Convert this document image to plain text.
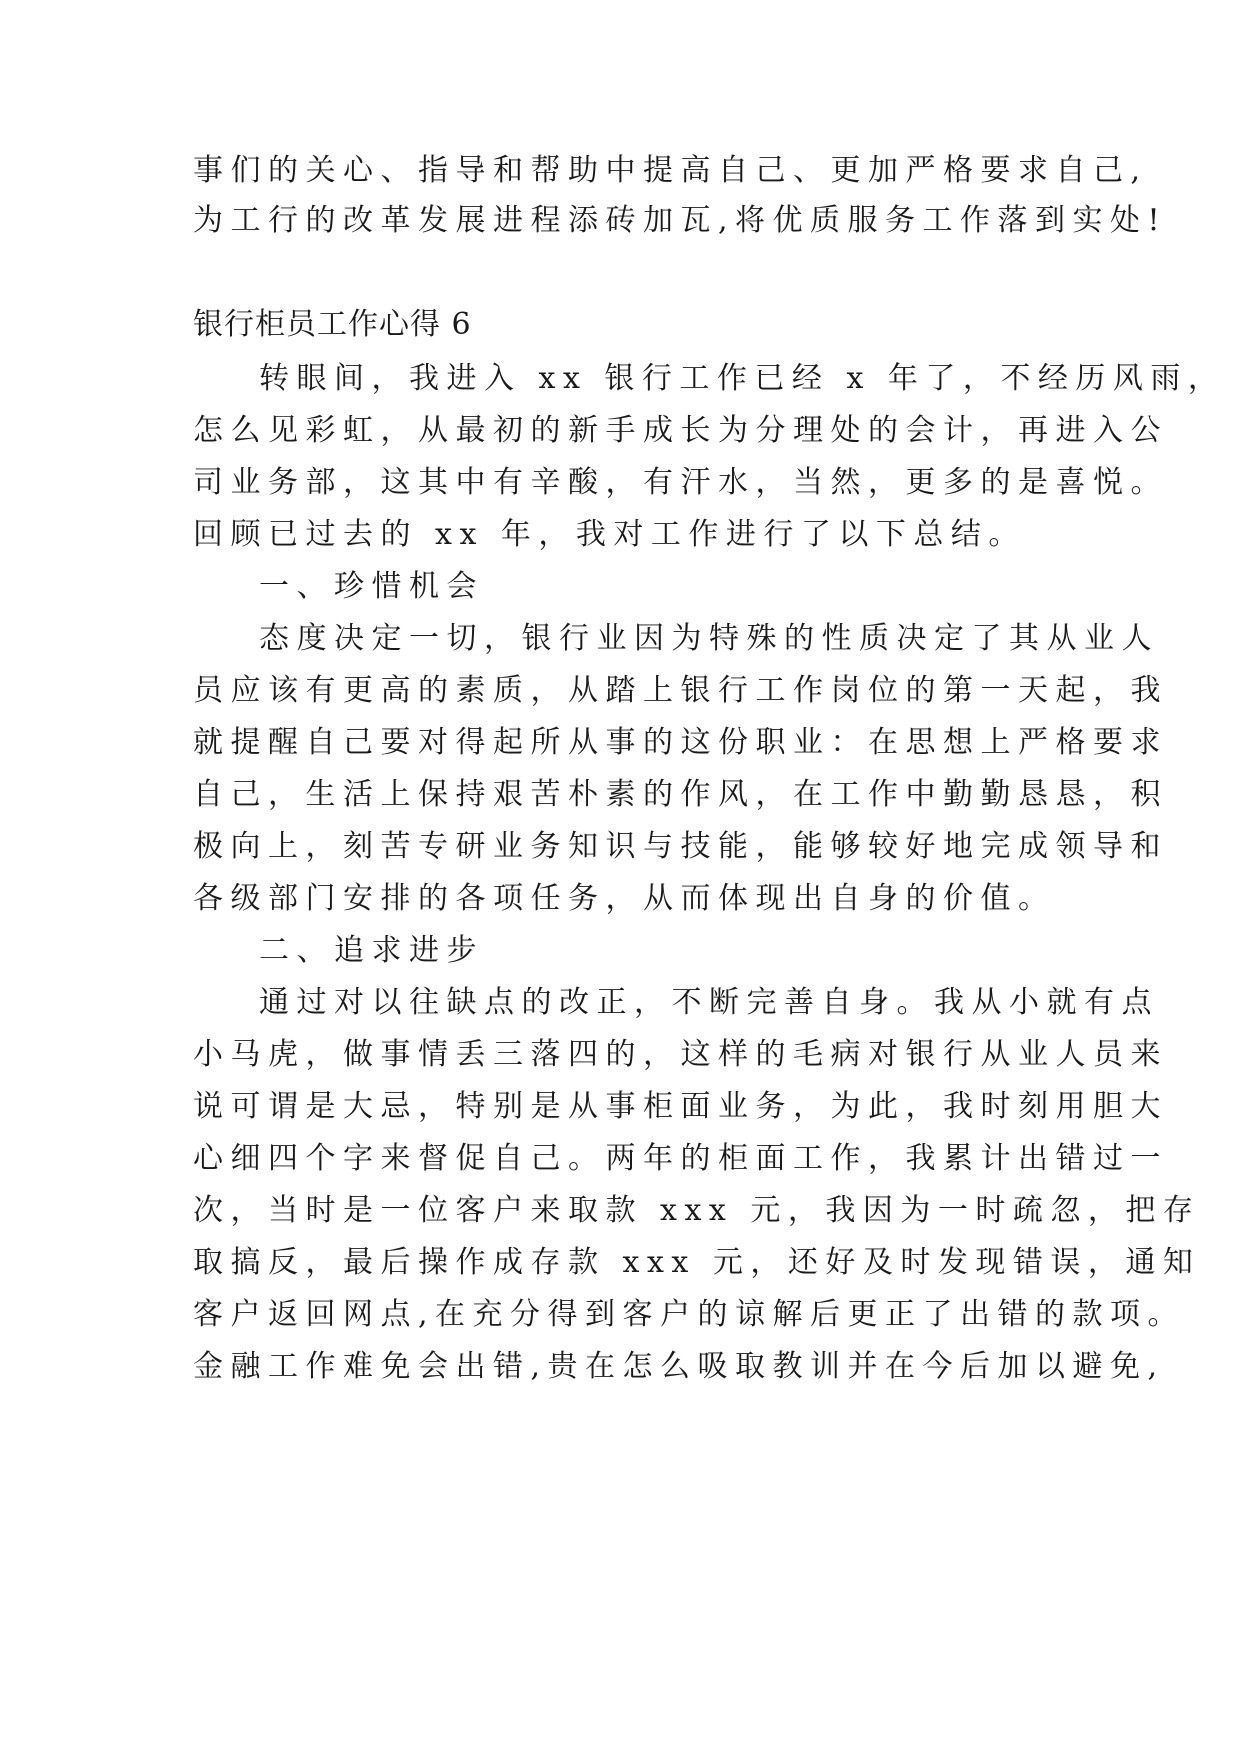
事们的关心、指导和帮助中提高自己、更加严格要求自己,
为工行的改革发展进程添砖加瓦,将优质服务工作落到实处!
银行柜员工作心得 6
转眼间，我进入 xx 银行工作已经 x 年了，不经历风雨，
怎么见彩虹，从最初的新手成长为分理处的会计，再进入公
司业务部，这其中有辛酸，有汗水，当然，更多的是喜悦。
回顾已过去的 xx 年，我对工作进行了以下总结。
一、珍惜机会
态度决定一切，银行业因为特殊的性质决定了其从业人
员应该有更高的素质，从踏上银行工作岗位的第一天起，我
就提醒自己要对得起所从事的这份职业：在思想上严格要求
自己，生活上保持艰苦朴素的作风，在工作中勤勤恳恳，积
极向上，刻苦专研业务知识与技能，能够较好地完成领导和
各级部门安排的各项任务，从而体现出自身的价值。
二、追求进步
通过对以往缺点的改正，不断完善自身。我从小就有点
小马虎，做事情丢三落四的，这样的毛病对银行从业人员来
说可谓是大忌，特别是从事柜面业务，为此，我时刻用胆大
心细四个字来督促自己。两年的柜面工作，我累计出错过一
次，当时是一位客户来取款 xxx 元，我因为一时疏忽，把存
取搞反，最后操作成存款 xxx 元，还好及时发现错误，通知
客户返回网点,在充分得到客户的谅解后更正了出错的款项。
金融工作难免会出错,贵在怎么吸取教训并在今后加以避免,
